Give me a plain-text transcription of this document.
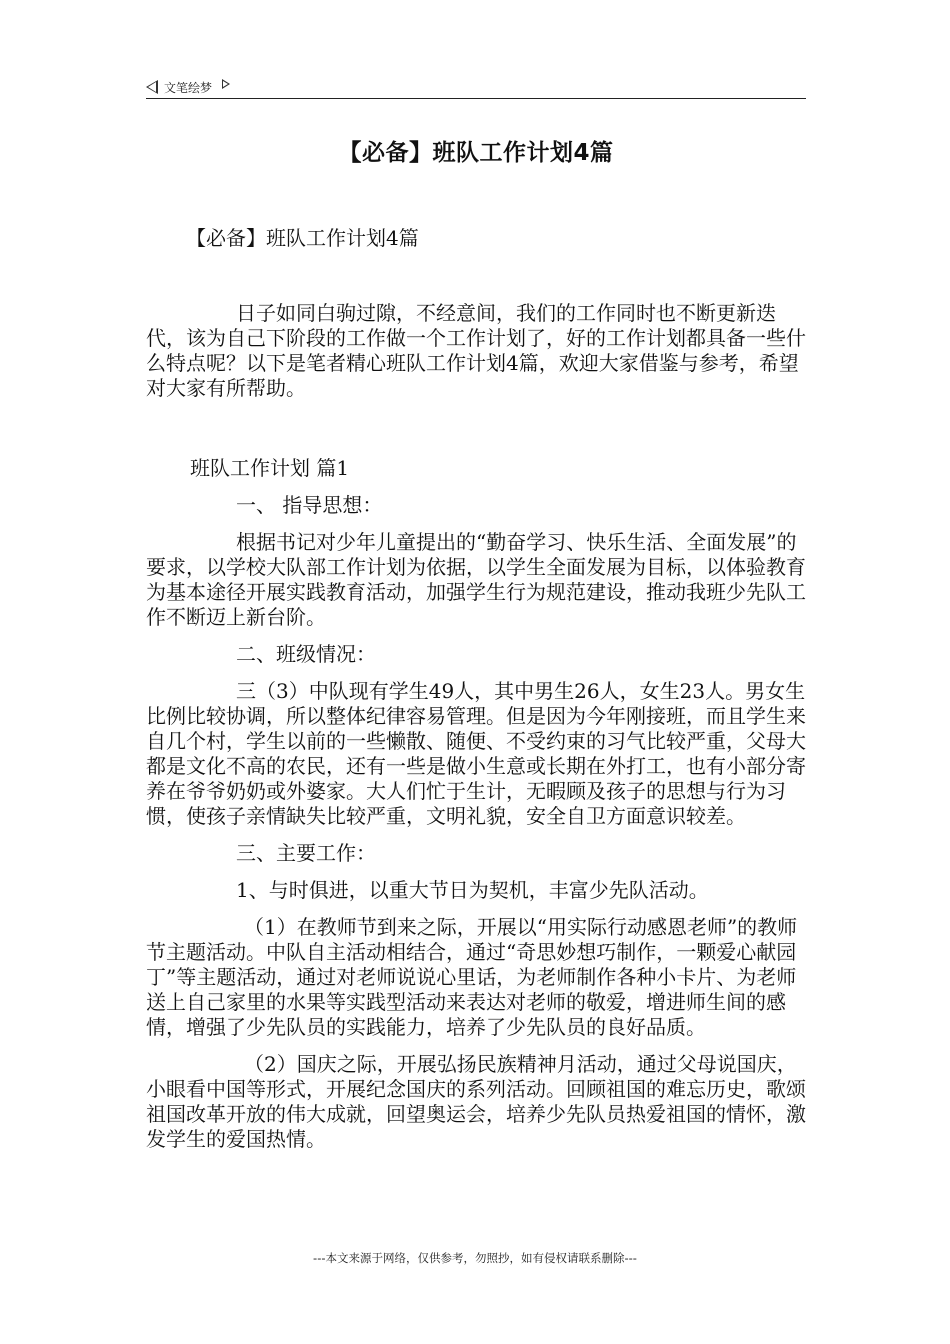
文笔绘梦
【必备】班队工作计划4篇

【必备】班队工作计划4篇

日子如同白驹过隙，不经意间，我们的工作同时也不断更新迭代，该为自己下阶段的工作做一个工作计划了，好的工作计划都具备一些什么特点呢？以下是笔者精心班队工作计划4篇，欢迎大家借鉴与参考，希望对大家有所帮助。

班队工作计划 篇1

一、 指导思想：

根据书记对少年儿童提出的“勤奋学习、快乐生活、全面发展”的要求，以学校大队部工作计划为依据，以学生全面发展为目标，以体验教育为基本途径开展实践教育活动，加强学生行为规范建设，推动我班少先队工作不断迈上新台阶。

二、班级情况：

三（3）中队现有学生49人，其中男生26人，女生23人。男女生比例比较协调，所以整体纪律容易管理。但是因为今年刚接班，而且学生来自几个村，学生以前的一些懒散、随便、不受约束的习气比较严重，父母大都是文化不高的农民，还有一些是做小生意或长期在外打工，也有小部分寄养在爷爷奶奶或外婆家。大人们忙于生计，无暇顾及孩子的思想与行为习惯，使孩子亲情缺失比较严重，文明礼貌，安全自卫方面意识较差。

三、主要工作：

1、与时俱进，以重大节日为契机，丰富少先队活动。

（1）在教师节到来之际，开展以“用实际行动感恩老师”的教师节主题活动。中队自主活动相结合，通过“奇思妙想巧制作，一颗爱心献园丁”等主题活动，通过对老师说说心里话，为老师制作各种小卡片、为老师送上自己家里的水果等实践型活动来表达对老师的敬爱，增进师生间的感情，增强了少先队员的实践能力，培养了少先队员的良好品质。

（2）国庆之际，开展弘扬民族精神月活动，通过父母说国庆，小眼看中国等形式，开展纪念国庆的系列活动。回顾祖国的难忘历史，歌颂祖国改革开放的伟大成就，回望奥运会，培养少先队员热爱祖国的情怀，激发学生的爱国热情。

---本文来源于网络，仅供参考，勿照抄，如有侵权请联系删除---
